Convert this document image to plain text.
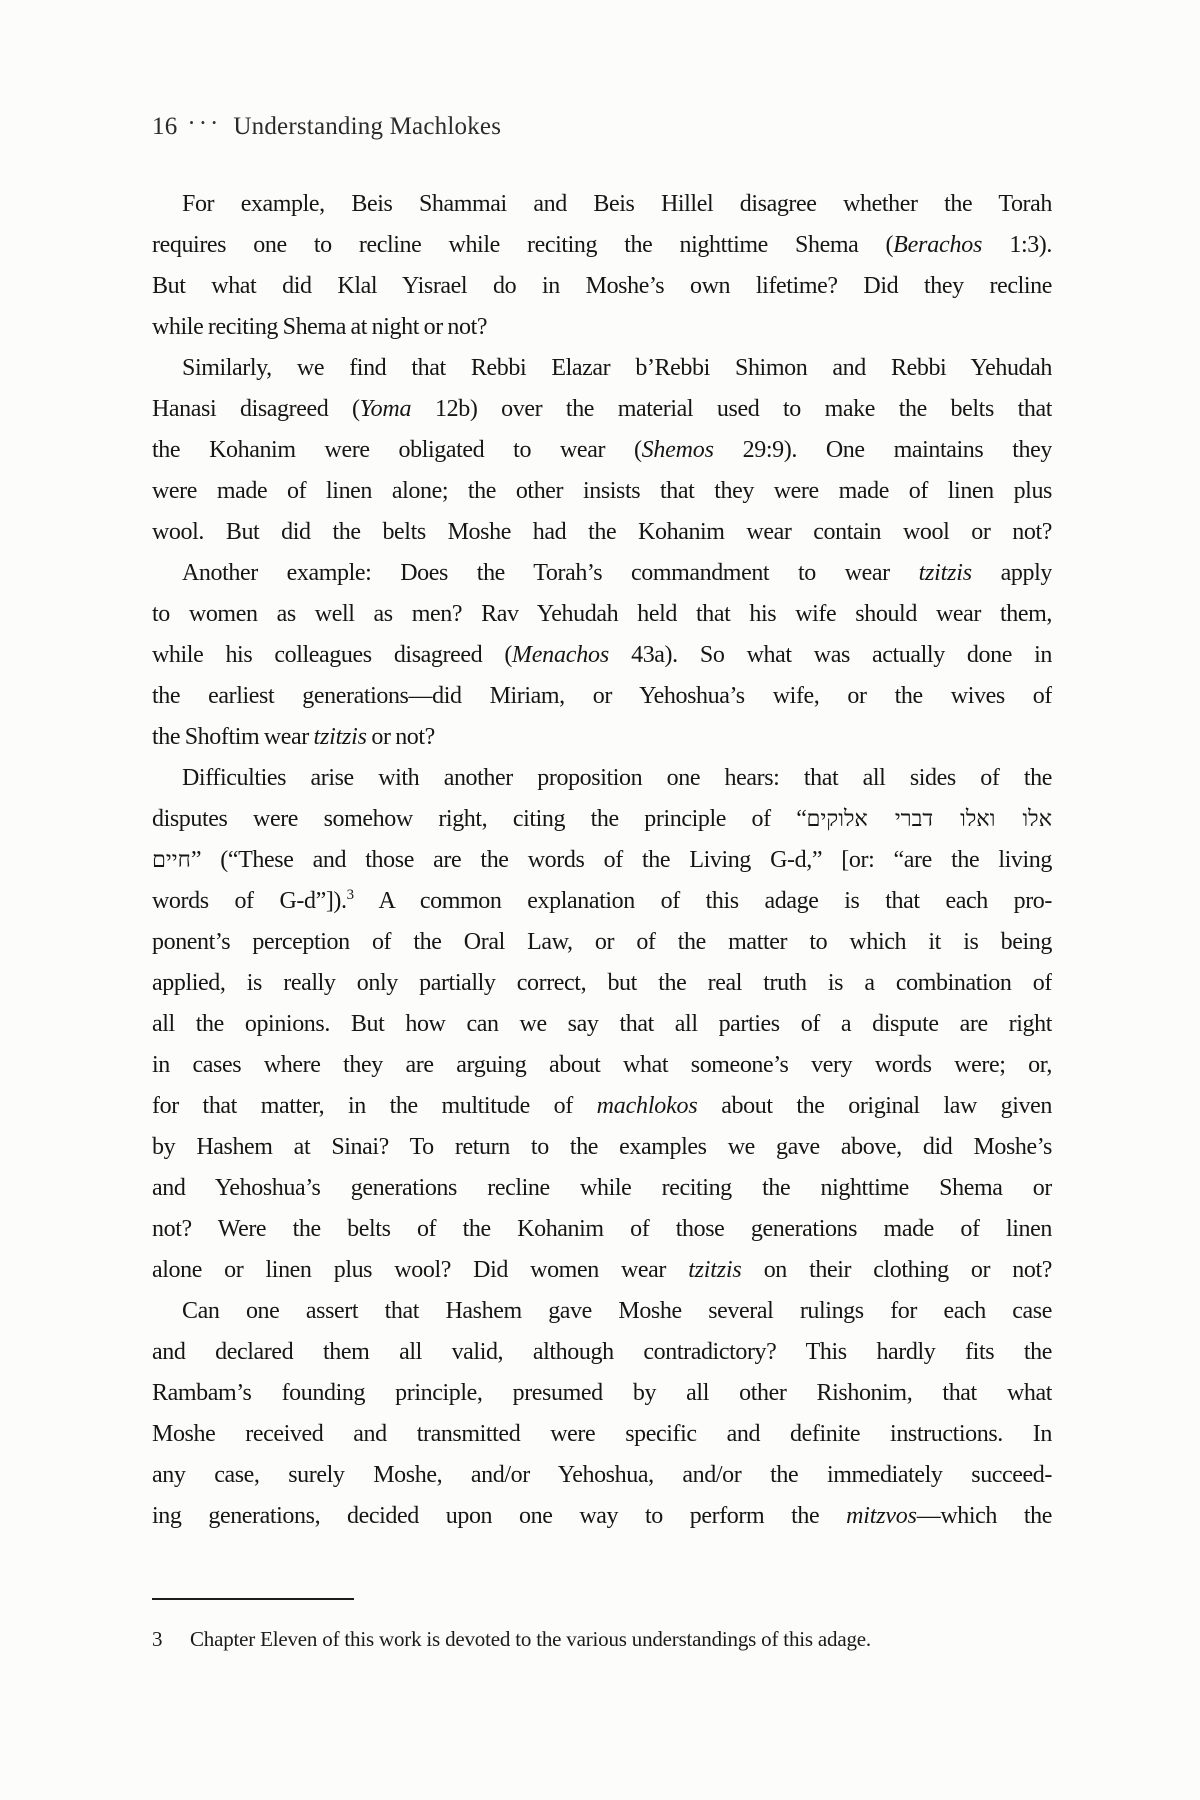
16 ··· Understanding Machlokes
For example, Beis Shammai and Beis Hillel disagree whether the Torah
requires one to recline while reciting the nighttime Shema (Berachos 1:3).
But what did Klal Yisrael do in Moshe’s own lifetime? Did they recline
while reciting Shema at night or not?
Similarly, we find that Rebbi Elazar b’Rebbi Shimon and Rebbi Yehudah
Hanasi disagreed (Yoma 12b) over the material used to make the belts that
the Kohanim were obligated to wear (Shemos 29:9). One maintains they
were made of linen alone; the other insists that they were made of linen plus
wool. But did the belts Moshe had the Kohanim wear contain wool or not?
Another example: Does the Torah’s commandment to wear tzitzis apply
to women as well as men? Rav Yehudah held that his wife should wear them,
while his colleagues disagreed (Menachos 43a). So what was actually done in
the earliest generations—did Miriam, or Yehoshua’s wife, or the wives of
the Shoftim wear tzitzis or not?
Difficulties arise with another proposition one hears: that all sides of the
disputes were somehow right, citing the principle of “אלו ואלו דברי אלוקים
חיים” (“These and those are the words of the Living G-d,” [or: “are the living
words of G-d”]).$^3$ A common explanation of this adage is that each pro-
ponent’s perception of the Oral Law, or of the matter to which it is being
applied, is really only partially correct, but the real truth is a combination of
all the opinions. But how can we say that all parties of a dispute are right
in cases where they are arguing about what someone’s very words were; or,
for that matter, in the multitude of machlokos about the original law given
by Hashem at Sinai? To return to the examples we gave above, did Moshe’s
and Yehoshua’s generations recline while reciting the nighttime Shema or
not? Were the belts of the Kohanim of those generations made of linen
alone or linen plus wool? Did women wear tzitzis on their clothing or not?
Can one assert that Hashem gave Moshe several rulings for each case
and declared them all valid, although contradictory? This hardly fits the
Rambam’s founding principle, presumed by all other Rishonim, that what
Moshe received and transmitted were specific and definite instructions. In
any case, surely Moshe, and/or Yehoshua, and/or the immediately succeed-
ing generations, decided upon one way to perform the mitzvos—which the
3	Chapter Eleven of this work is devoted to the various understandings of this adage.
